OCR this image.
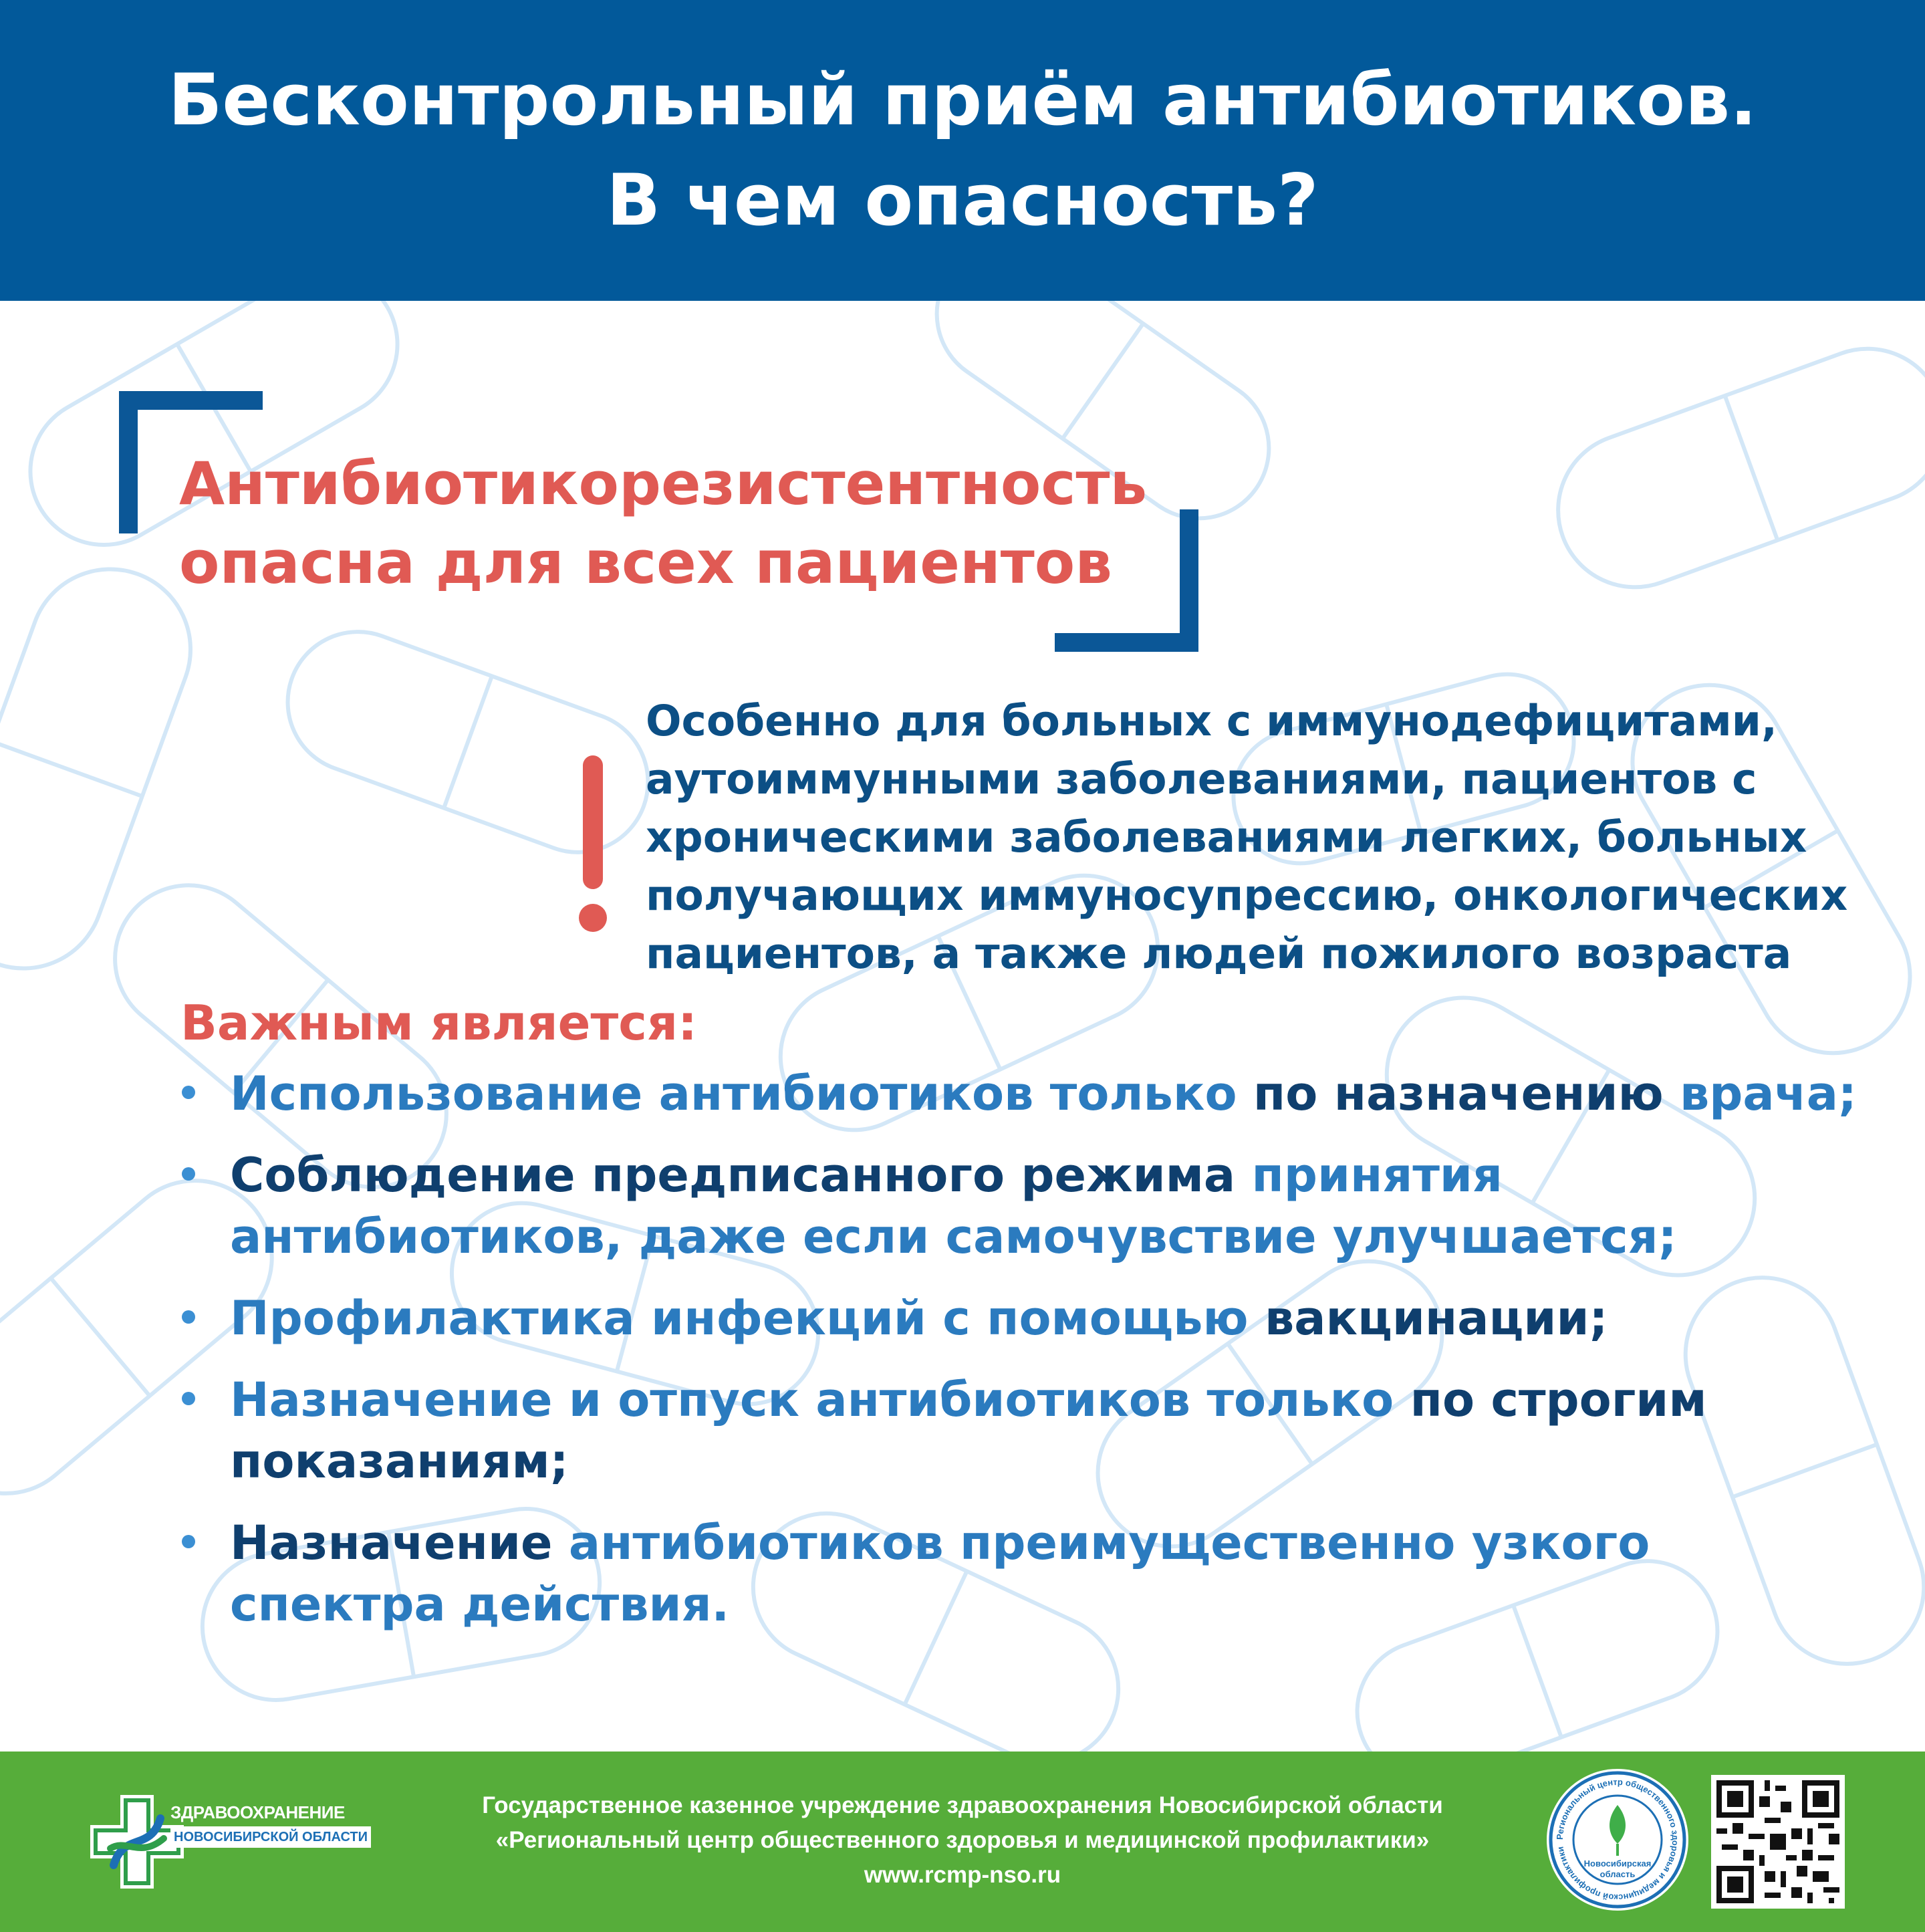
Бесконтрольный приём антибиотиков.
В чем опасность?
Антибиотикорезистентность
опасна для всех пациентов
Особенно для больных с иммунодефицитами,
аутоиммунными заболеваниями, пациентов с
хроническими заболеваниями легких, больных
получающих иммуносупрессию, онкологических
пациентов, а также людей пожилого возраста
Важным является:
Использование антибиотиков только по назначению врача;
Соблюдение предписанного режима принятия
антибиотиков, даже если самочувствие улучшается;
Профилактика инфекций с помощью вакцинации;
Назначение и отпуск антибиотиков только по строгим
показаниям;
Назначение антибиотиков преимущественно узкого
спектра действия.
ЗДРАВООХРАНЕНИЕ
НОВОСИБИРСКОЙ ОБЛАСТИ
Государственное казенное учреждение здравоохранения Новосибирской области
«Региональный центр общественного здоровья и медицинской профилактики»
www.rcmp-nso.ru
Региональный центр общественного здоровья и медицинской профилактики
Новосибирская
область
